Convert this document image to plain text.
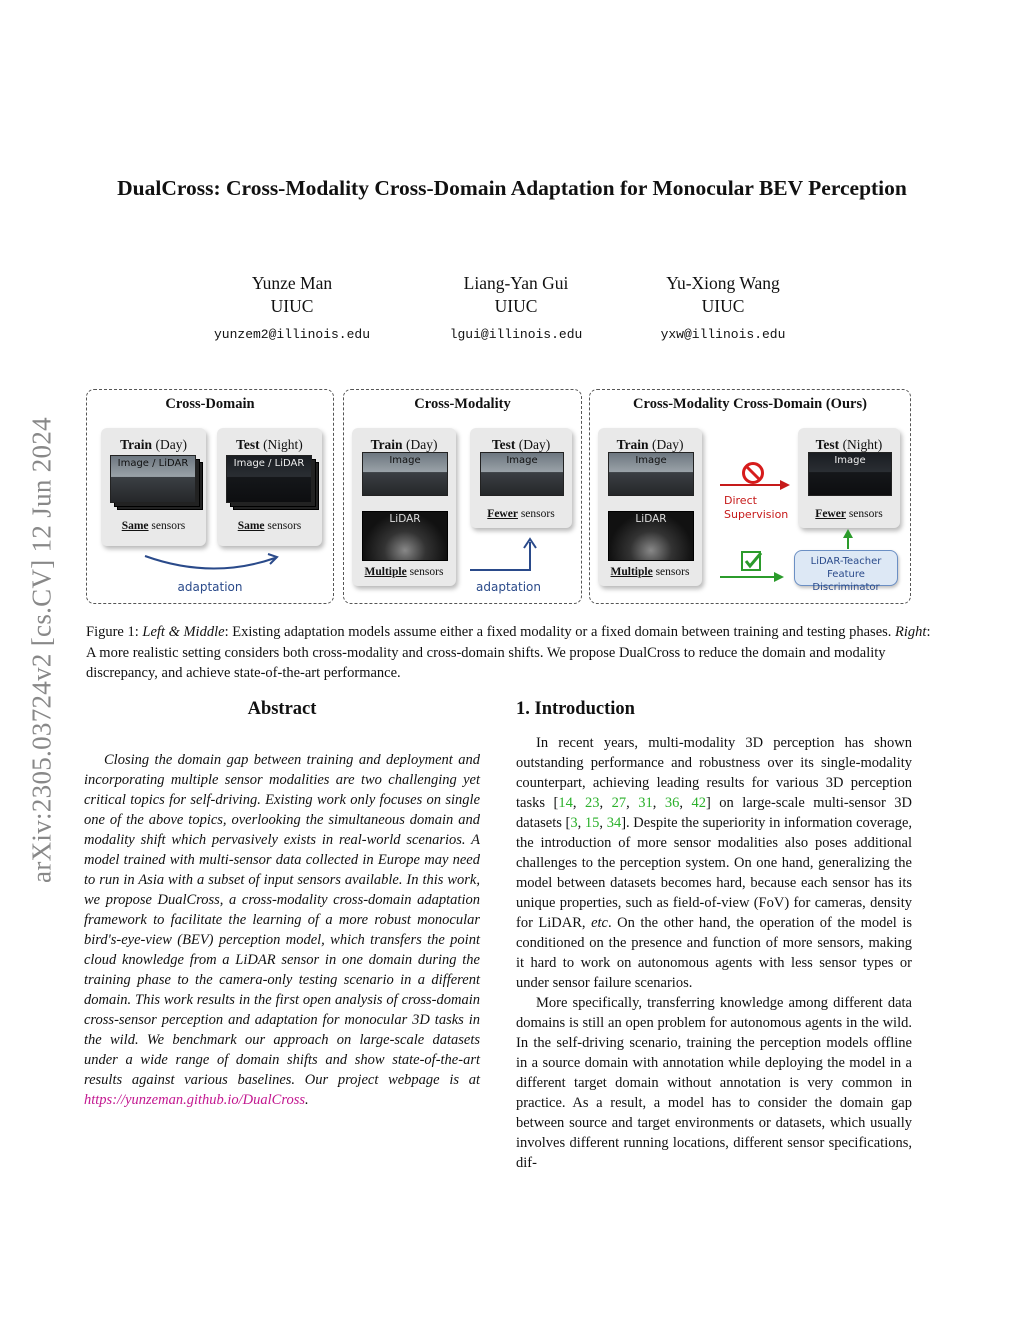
arXiv:2305.03724v2 [cs.CV] 12 Jun 2024
DualCross: Cross-Modality Cross-Domain Adaptation for Monocular BEV Perception
Yunze Man
UIUC
yunzem2@illinois.edu
Liang-Yan Gui
UIUC
lgui@illinois.edu
Yu-Xiong Wang
UIUC
yxw@illinois.edu
Cross-Domain
Train (Day)
Image / LiDAR
Same sensors
Test (Night)
Image / LiDAR
Same sensors
adaptation
Cross-Modality
Train (Day)
Image
LiDAR
Multiple sensors
Test (Day)
Image
Fewer sensors
adaptation
Cross-Modality Cross-Domain (Ours)
Train (Day)
Image
LiDAR
Multiple sensors
Test (Night)
Image
Fewer sensors
Direct
Supervision
LiDAR-Teacher
Feature Discriminator
Figure 1: Left & Middle: Existing adaptation models assume either a fixed modality or a fixed domain between training and testing phases. Right: A more realistic setting considers both cross-modality and cross-domain shifts. We propose DualCross to reduce the domain and modality discrepancy, and achieve state-of-the-art performance.
Abstract

Closing the domain gap between training and deployment and incorporating multiple sensor modalities are two challenging yet critical topics for self-driving. Existing work only focuses on single one of the above topics, overlooking the simultaneous domain and modality shift which pervasively exists in real-world scenarios. A model trained with multi-sensor data collected in Europe may need to run in Asia with a subset of input sensors available. In this work, we propose DualCross, a cross-modality cross-domain adaptation framework to facilitate the learning of a more robust monocular bird's-eye-view (BEV) perception model, which transfers the point cloud knowledge from a LiDAR sensor in one domain during the training phase to the camera-only testing scenario in a different domain. This work results in the first open analysis of cross-domain cross-sensor perception and adaptation for monocular 3D tasks in the wild. We benchmark our approach on large-scale datasets under a wide range of domain shifts and show state-of-the-art results against various baselines. Our project webpage is at https://yunzeman.github.io/DualCross.

1. Introduction

In recent years, multi-modality 3D perception has shown outstanding performance and robustness over its single-modality counterpart, achieving leading results for various 3D perception tasks [14, 23, 27, 31, 36, 42] on large-scale multi-sensor 3D datasets [3, 15, 34]. Despite the superiority in information coverage, the introduction of more sensor modalities also poses additional challenges to the perception system. On one hand, generalizing the model between datasets becomes hard, because each sensor has its unique properties, such as field-of-view (FoV) for cameras, density for LiDAR, etc. On the other hand, the operation of the model is conditioned on the presence and function of more sensors, making it hard to work on autonomous agents with less sensor types or under sensor failure scenarios.

More specifically, transferring knowledge among different data domains is still an open problem for autonomous agents in the wild. In the self-driving scenario, training the perception models offline in a source domain with annotation while deploying the model in a different target domain without annotation is very common in practice. As a result, a model has to consider the domain gap between source and target environments or datasets, which usually involves different running locations, different sensor specifications, dif-
